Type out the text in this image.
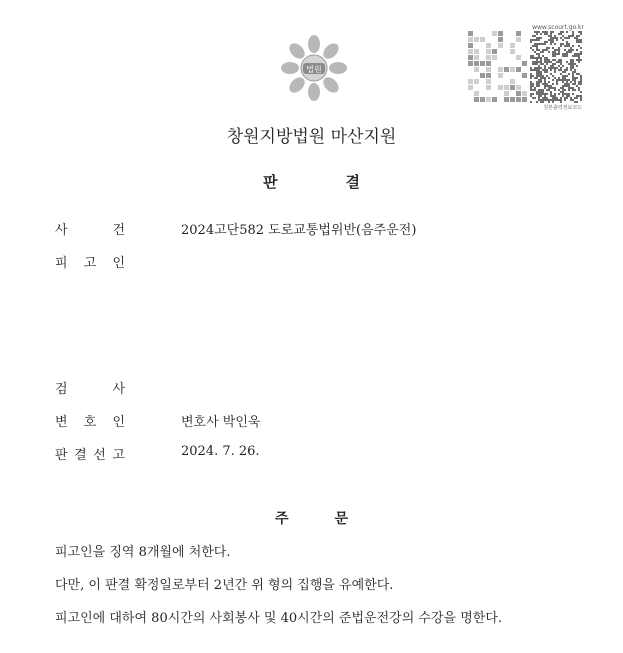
법원
www.scourt.go.kr
원본출력정보코드
창원지방법원 마산지원
판결
사	건	2024고단582 도로교통법위반(음주운전)
피 고 인
검	사
변 호 인	변호사 박인욱
판 결 선 고	2024. 7. 26.
주문
피고인을 징역 8개월에 처한다.
다만, 이 판결 확정일로부터 2년간 위 형의 집행을 유예한다.
피고인에 대하여 80시간의 사회봉사 및 40시간의 준법운전강의 수강을 명한다.
